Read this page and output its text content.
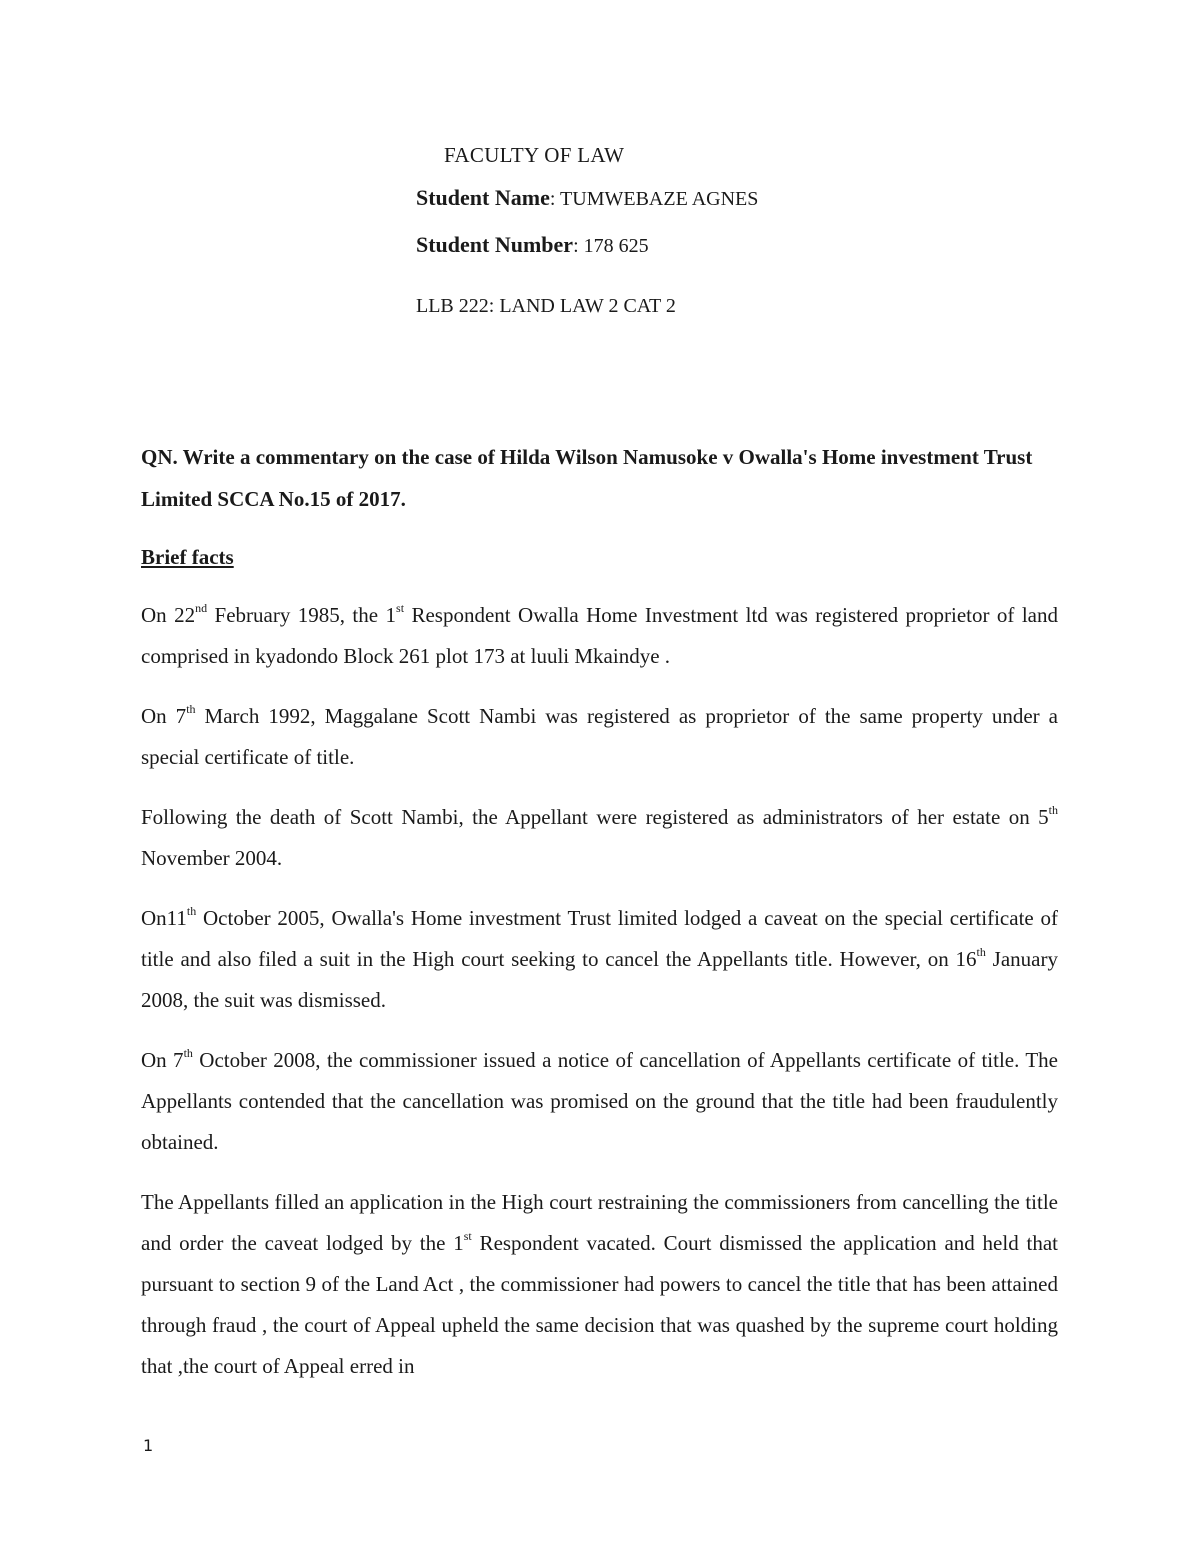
FACULTY OF LAW
Student Name: TUMWEBAZE AGNES
Student Number: 178 625
LLB 222: LAND LAW 2 CAT 2
QN. Write a commentary on the case of Hilda Wilson Namusoke v Owalla's Home investment Trust Limited SCCA No.15 of 2017.
Brief facts

On 22nd February 1985, the 1st Respondent Owalla Home Investment ltd was registered proprietor of land comprised in kyadondo Block 261 plot 173 at luuli Mkaindye .

On 7th March 1992, Maggalane Scott Nambi was registered as proprietor of the same property under a special certificate of title.

Following the death of Scott Nambi, the Appellant were registered as administrators of her estate on 5th November 2004.

On11th October 2005, Owalla's Home investment Trust limited lodged a caveat on the special certificate of title and also filed a suit in the High court seeking to cancel the Appellants title. However, on 16th January 2008, the suit was dismissed.

On 7th October 2008, the commissioner issued a notice of cancellation of Appellants certificate of title. The Appellants contended that the cancellation was promised on the ground that the title had been fraudulently obtained.

The Appellants filled an application in the High court restraining the commissioners from cancelling the title and order the caveat lodged by the 1st Respondent vacated. Court dismissed the application and held that pursuant to section 9 of the Land Act , the commissioner had powers to cancel the title that has been attained through fraud , the court of Appeal upheld the same decision that was quashed by the supreme court holding that ,the court of Appeal erred in

1
